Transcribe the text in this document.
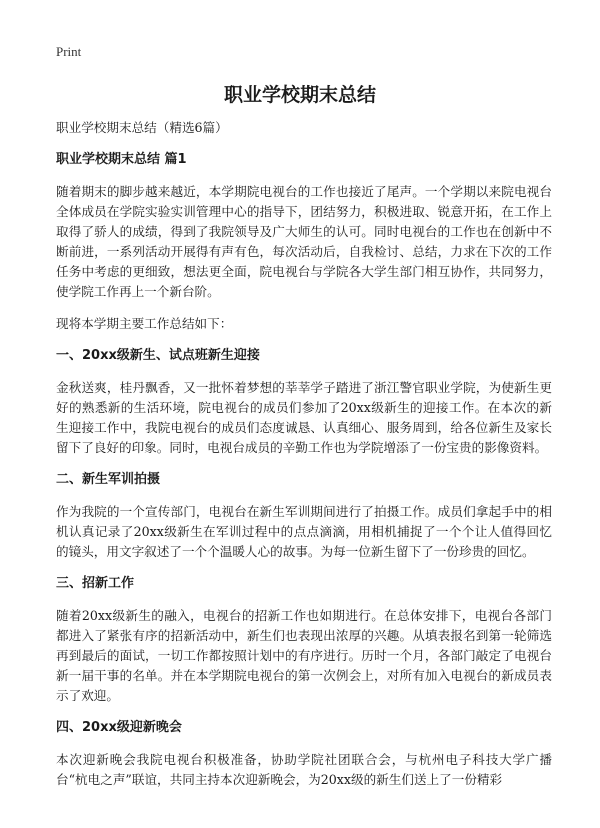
Print
职业学校期末总结

职业学校期末总结（精选6篇）

职业学校期末总结 篇1

随着期末的脚步越来越近，本学期院电视台的工作也接近了尾声。一个学期以来院电视台全体成员在学院实验实训管理中心的指导下，团结努力，积极进取、锐意开拓，在工作上取得了骄人的成绩，得到了我院领导及广大师生的认可。同时电视台的工作也在创新中不断前进，一系列活动开展得有声有色，每次活动后，自我检讨、总结，力求在下次的工作任务中考虑的更细致，想法更全面，院电视台与学院各大学生部门相互协作，共同努力，使学院工作再上一个新台阶。

现将本学期主要工作总结如下：

一、20xx级新生、试点班新生迎接

金秋送爽，桂丹飘香，又一批怀着梦想的莘莘学子踏进了浙江警官职业学院，为使新生更好的熟悉新的生活环境，院电视台的成员们参加了20xx级新生的迎接工作。在本次的新生迎接工作中，我院电视台的成员们态度诚恳、认真细心、服务周到，给各位新生及家长留下了良好的印象。同时，电视台成员的辛勤工作也为学院增添了一份宝贵的影像资料。

二、新生军训拍摄

作为我院的一个宣传部门，电视台在新生军训期间进行了拍摄工作。成员们拿起手中的相机认真记录了20xx级新生在军训过程中的点点滴滴，用相机捕捉了一个个让人值得回忆的镜头，用文字叙述了一个个温暖人心的故事。为每一位新生留下了一份珍贵的回忆。

三、招新工作

随着20xx级新生的融入，电视台的招新工作也如期进行。在总体安排下，电视台各部门都进入了紧张有序的招新活动中，新生们也表现出浓厚的兴趣。从填表报名到第一轮筛选再到最后的面试，一切工作都按照计划中的有序进行。历时一个月，各部门敲定了电视台新一届干事的名单。并在本学期院电视台的第一次例会上，对所有加入电视台的新成员表示了欢迎。

四、20xx级迎新晚会

本次迎新晚会我院电视台积极准备，协助学院社团联合会，与杭州电子科技大学广播台“杭电之声”联谊，共同主持本次迎新晚会，为20xx级的新生们送上了一份精彩
